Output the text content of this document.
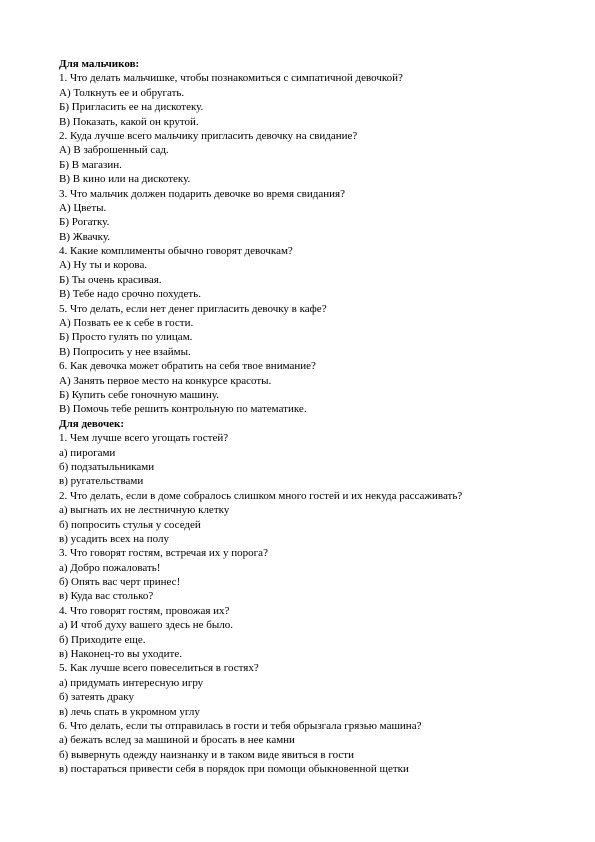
Для мальчиков:
1. Что делать мальчишке, чтобы познакомиться с симпатичной девочкой?
А) Толкнуть ее и обругать.
Б) Пригласить ее на дискотеку.
В) Показать, какой он крутой.
2. Куда лучше всего мальчику пригласить девочку на свидание?
А) В заброшенный сад.
Б) В магазин.
В) В кино или на дискотеку.
3. Что мальчик должен подарить девочке во время свидания?
А) Цветы.
Б) Рогатку.
В) Жвачку.
4. Какие комплименты обычно говорят девочкам?
А) Ну ты и корова.
Б) Ты очень красивая.
В) Тебе надо срочно похудеть.
5. Что делать, если нет денег пригласить девочку в кафе?
А) Позвать ее к себе в гости.
Б) Просто гулять по улицам.
В) Попросить у нее взаймы.
6. Как девочка может обратить на себя твое внимание?
А) Занять первое место на конкурсе красоты.
Б) Купить себе гоночную машину.
В) Помочь тебе решить контрольную по математике.
Для девочек:
1. Чем лучше всего угощать гостей?
а) пирогами
б) подзатыльниками
в) ругательствами
2. Что делать, если в доме собралось слишком много гостей и их некуда рассаживать?
а) выгнать их не лестничную клетку
б) попросить стулья у соседей
в) усадить всех на полу
3. Что говорят гостям, встречая их у порога?
а) Добро пожаловать!
б) Опять вас черт принес!
в) Куда вас столько?
4. Что говорят гостям, провожая их?
а) И чтоб духу вашего здесь не было.
б) Приходите еще.
в) Наконец-то вы уходите.
5. Как лучше всего повеселиться в гостях?
а) придумать интересную игру
б) затеять драку
в) лечь спать в укромном углу
6. Что делать, если ты отправилась в гости и тебя обрызгала грязью машина?
а) бежать вслед за машиной и бросать в нее камни
б) вывернуть одежду наизнанку и в таком виде явиться в гости
в) постараться привести себя в порядок при помощи обыкновенной щетки
